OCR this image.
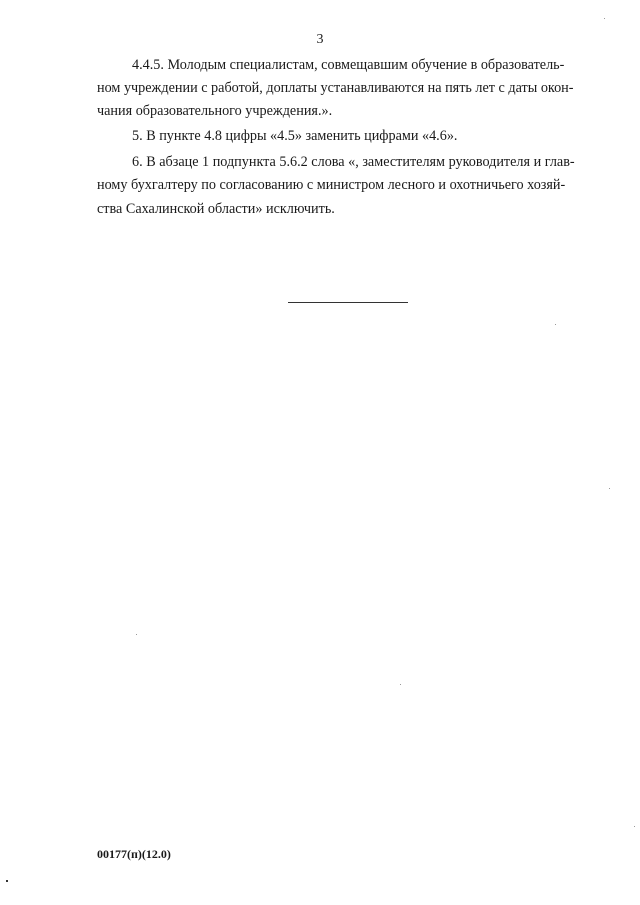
3
4.4.5. Молодым специалистам, совмещавшим обучение в образователь-
ном учреждении с работой, доплаты устанавливаются на пять лет с даты окон-
чания образовательного учреждения.».
5. В пункте 4.8 цифры «4.5» заменить цифрами «4.6».
6. В абзаце 1 подпункта 5.6.2 слова «, заместителям руководителя и глав-
ному бухгалтеру по согласованию с министром лесного и охотничьего хозяй-
ства Сахалинской области» исключить.
00177(п)(12.0)
